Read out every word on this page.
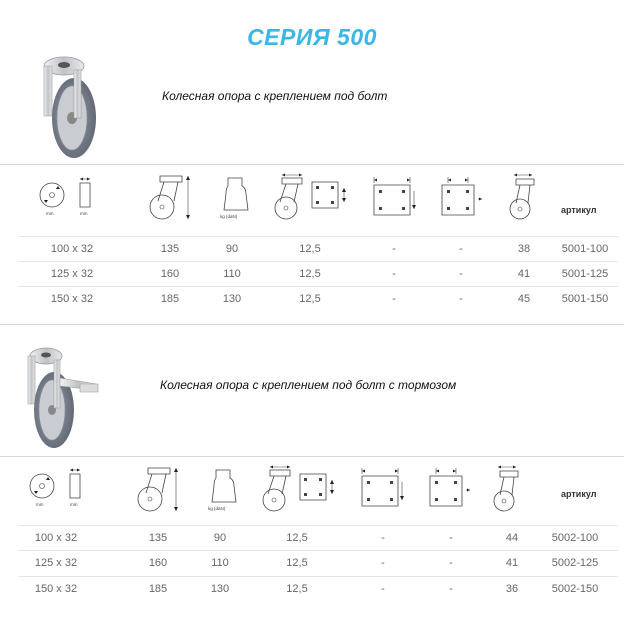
СЕРИЯ 500
Колесная опора с креплением под болт
mm	mm
kg (daN)
артикул
100 x 32	135	90	12,5	-	-	38	5001-100
125 x 32	160	110	12,5	-	-	41	5001-125
150 x 32	185	130	12,5	-	-	45	5001-150
Колесная опора с креплением под болт с тормозом
mm	mm
kg (daN)
артикул
100 x 32	135	90	12,5	-	-	44	5002-100
125 x 32	160	110	12,5	-	-	41	5002-125
150 x 32	185	130	12,5	-	-	36	5002-150
